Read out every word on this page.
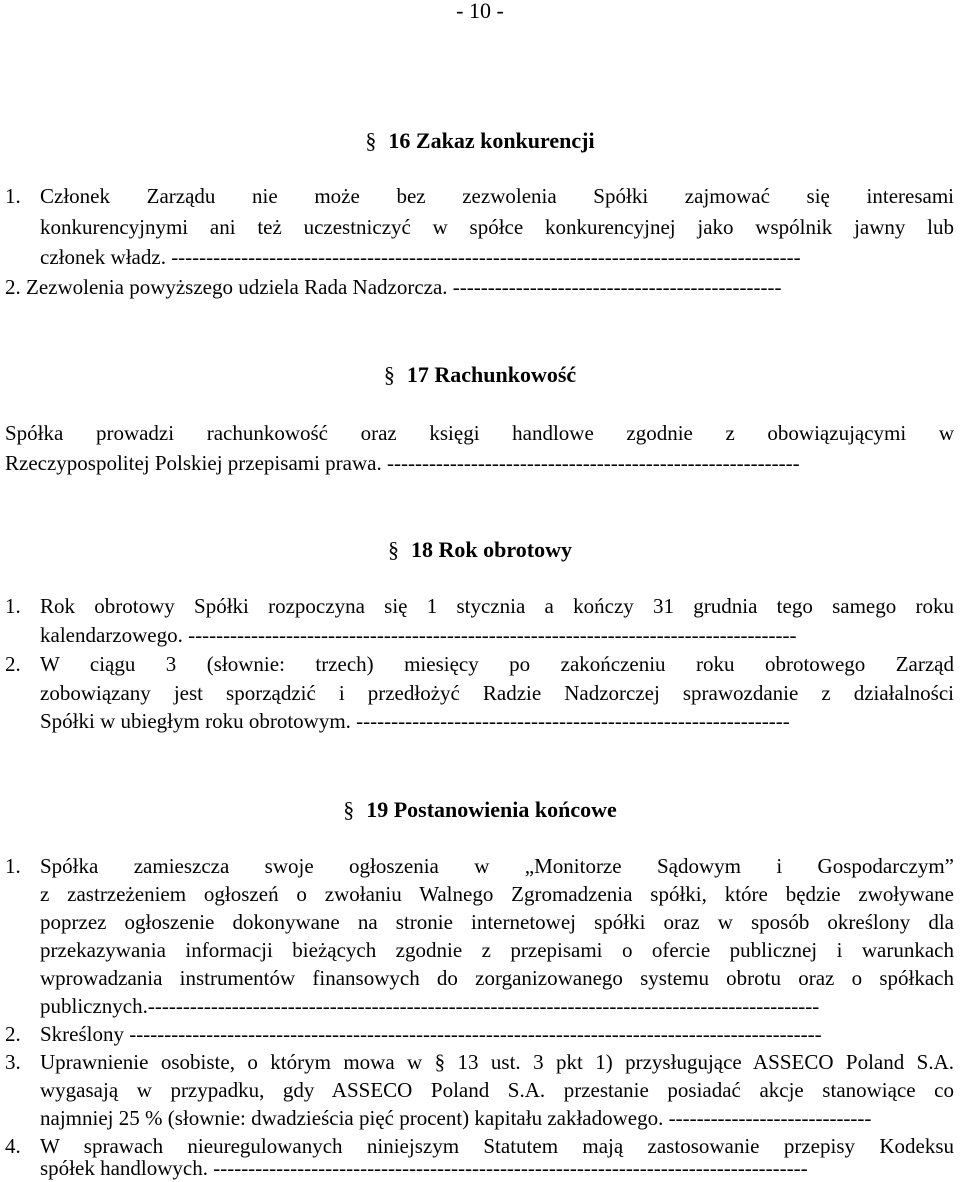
- 10 -
§ 16 Zakaz konkurencji
1. Członek Zarządu nie może bez zezwolenia Spółki zajmować się interesami
konkurencyjnymi ani też uczestniczyć w spółce konkurencyjnej jako wspólnik jawny lub
członek władz. ------------------------------------------------------------------------------------------
2. Zezwolenia powyższego udziela Rada Nadzorcza. -----------------------------------------------
§ 17 Rachunkowość
Spółka prowadzi rachunkowość oraz księgi handlowe zgodnie z obowiązującymi w
Rzeczypospolitej Polskiej przepisami prawa. -----------------------------------------------------------
§ 18 Rok obrotowy
1. Rok obrotowy Spółki rozpoczyna się 1 stycznia a kończy 31 grudnia tego samego roku
kalendarzowego. ---------------------------------------------------------------------------------------
2. W ciągu 3 (słownie: trzech) miesięcy po zakończeniu roku obrotowego Zarząd
zobowiązany jest sporządzić i przedłożyć Radzie Nadzorczej sprawozdanie z działalności
Spółki w ubiegłym roku obrotowym. --------------------------------------------------------------
§ 19 Postanowienia końcowe
1. Spółka zamieszcza swoje ogłoszenia w „Monitorze Sądowym i Gospodarczym”
z zastrzeżeniem ogłoszeń o zwołaniu Walnego Zgromadzenia spółki, które będzie zwoływane
poprzez ogłoszenie dokonywane na stronie internetowej spółki oraz w sposób określony dla
przekazywania informacji bieżących zgodnie z przepisami o ofercie publicznej i warunkach
wprowadzania instrumentów finansowych do zorganizowanego systemu obrotu oraz o spółkach
publicznych.------------------------------------------------------------------------------------------------
2. Skreślony ---------------------------------------------------------------------------------------------------
3. Uprawnienie osobiste, o którym mowa w § 13 ust. 3 pkt 1) przysługujące ASSECO Poland S.A.
wygasają w przypadku, gdy ASSECO Poland S.A. przestanie posiadać akcje stanowiące co
najmniej 25 % (słownie: dwadzieścia pięć procent) kapitału zakładowego. -----------------------------
4. W sprawach nieuregulowanych niniejszym Statutem mają zastosowanie przepisy Kodeksu
spółek handlowych. -------------------------------------------------------------------------------------
